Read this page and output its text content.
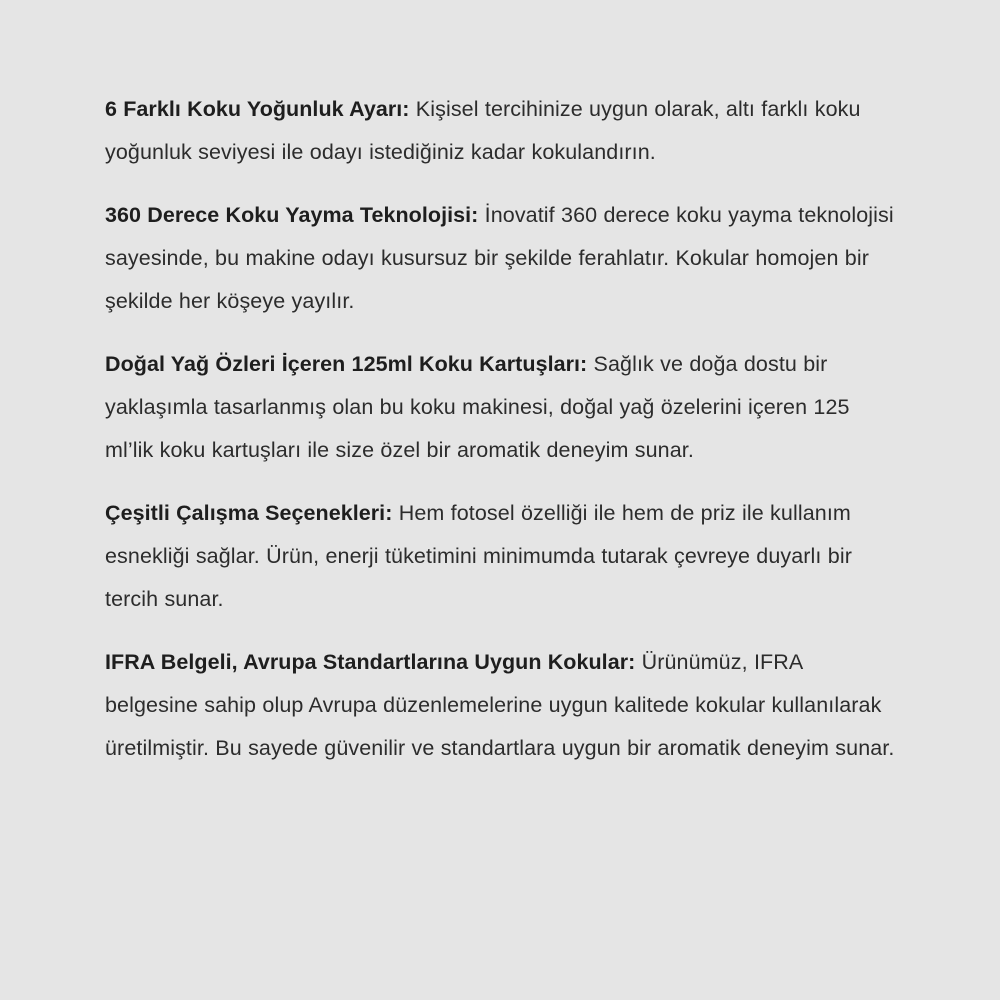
6 Farklı Koku Yoğunluk Ayarı: Kişisel tercihinize uygun olarak, altı farklı koku yoğunluk seviyesi ile odayı istediğiniz kadar kokulandırın.

360 Derece Koku Yayma Teknolojisi: İnovatif 360 derece koku yayma teknolojisi sayesinde, bu makine odayı kusursuz bir şekilde ferahlatır. Kokular homojen bir şekilde her köşeye yayılır.

Doğal Yağ Özleri İçeren 125ml Koku Kartuşları: Sağlık ve doğa dostu bir yaklaşımla tasarlanmış olan bu koku makinesi, doğal yağ özelerini içeren 125 ml’lik koku kartuşları ile size özel bir aromatik deneyim sunar.

Çeşitli Çalışma Seçenekleri: Hem fotosel özelliği ile hem de priz ile kullanım esnekliği sağlar. Ürün, enerji tüketimini minimumda tutarak çevreye duyarlı bir tercih sunar.

IFRA Belgeli, Avrupa Standartlarına Uygun Kokular: Ürünümüz, IFRA belgesine sahip olup Avrupa düzenlemelerine uygun kalitede kokular kullanılarak üretilmiştir. Bu sayede güvenilir ve standartlara uygun bir aromatik deneyim sunar.
